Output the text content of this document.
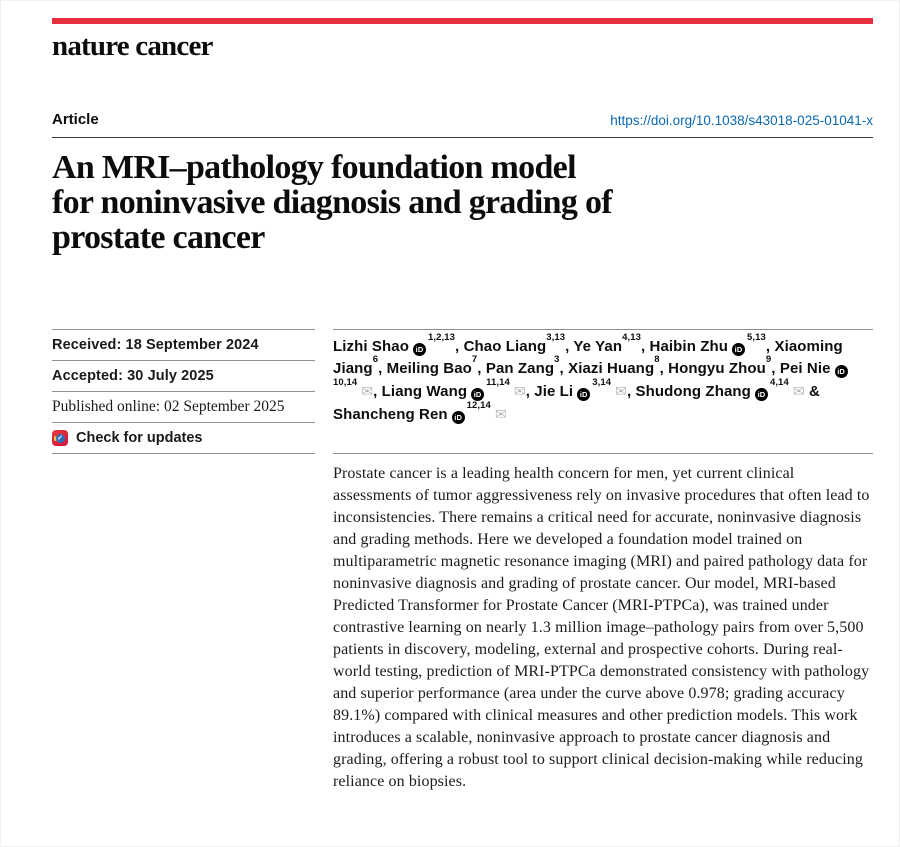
nature cancer
Article	https://doi.org/10.1038/s43018-025-01041-x
An MRI–pathology foundation model
for noninvasive diagnosis and grading of
prostate cancer
Received: 18 September 2024
Accepted: 30 July 2025
Published online: 02 September 2025
✓ Check for updates
Lizhi Shao iD$^{1,2,13}$, Chao Liang$^{3,13}$, Ye Yan$^{4,13}$, Haibin Zhu iD$^{5,13}$, Xiaoming Jiang$^6$, Meiling Bao$^7$, Pan Zang$^3$, Xiazi Huang$^8$, Hongyu Zhou$^9$, Pei Nie iD$^{10,14}$✉, Liang Wang iD$^{11,14}$✉, Jie Li iD$^{3,14}$✉, Shudong Zhang iD$^{4,14}$✉ & Shancheng Ren iD$^{12,14}$✉

Prostate cancer is a leading health concern for men, yet current clinical assessments of tumor aggressiveness rely on invasive procedures that often lead to inconsistencies. There remains a critical need for accurate, noninvasive diagnosis and grading methods. Here we developed a foundation model trained on multiparametric magnetic resonance imaging (MRI) and paired pathology data for noninvasive diagnosis and grading of prostate cancer. Our model, MRI-based Predicted Transformer for Prostate Cancer (MRI-PTPCa), was trained under contrastive learning on nearly 1.3 million image–pathology pairs from over 5,500 patients in discovery, modeling, external and prospective cohorts. During real-world testing, prediction of MRI-PTPCa demonstrated consistency with pathology and superior performance (area under the curve above 0.978; grading accuracy 89.1%) compared with clinical measures and other prediction models. This work introduces a scalable, noninvasive approach to prostate cancer diagnosis and grading, offering a robust tool to support clinical decision-making while reducing reliance on biopsies.
